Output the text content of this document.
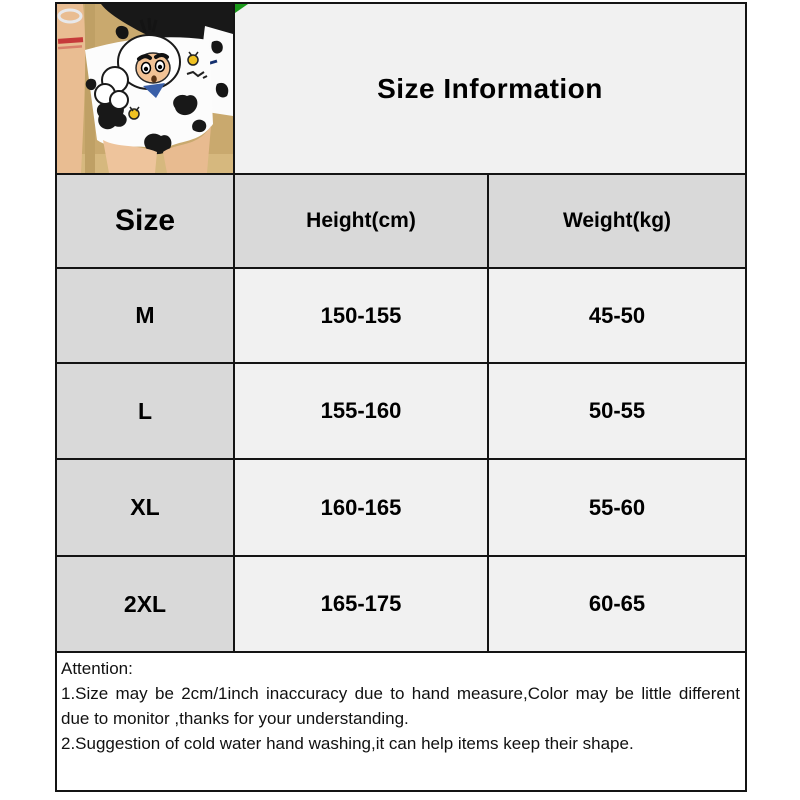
Size Information
Size	Height(cm)	Weight(kg)
M	150-155	45-50
L	155-160	50-55
XL	160-165	55-60
2XL	165-175	60-65

Attention:

1.Size may be 2cm/1inch inaccuracy due to hand measure,Color may be little different due to monitor ,thanks for your understanding.

2.Suggestion of cold water hand washing,it can help items keep their shape.
